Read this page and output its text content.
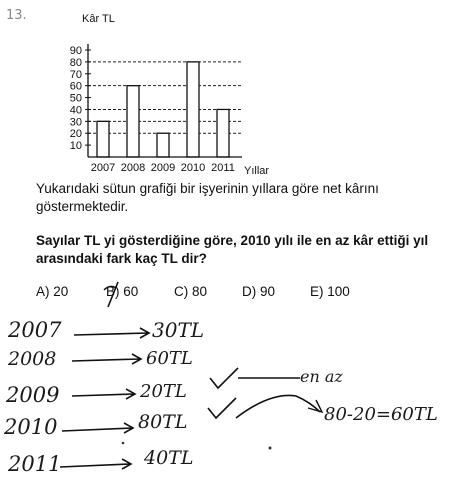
13.	Kâr TL
Yıllar
10
20
30
40
50
60
70
80
90
2007 2008 2009 2010 2011
Yukarıdaki sütun grafiği bir işyerinin yıllara göre net kârını göstermektedir.
Sayılar TL yi gösterdiğine göre, 2010 yılı ile en az kâr ettiği yıl arasındaki fark kaç TL dir?
A) 20	B) 60	C) 80	D) 90	E) 100
2007	30TL
2008	60TL
2009	20TL
en az
2010	80TL	80-20=60TL
2011	40TL
